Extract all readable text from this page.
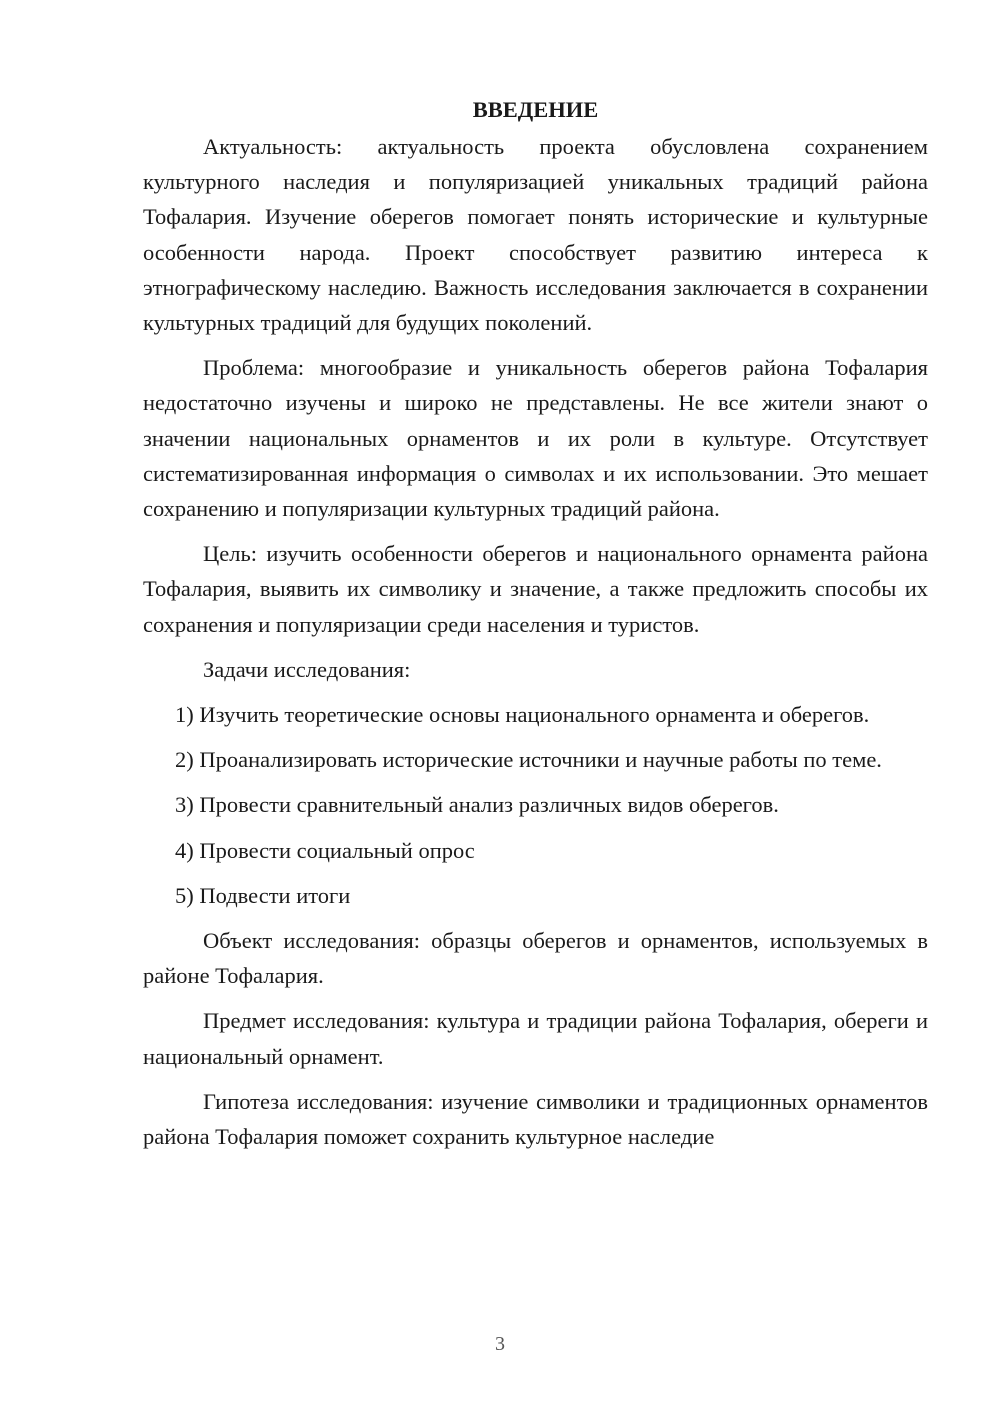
ВВЕДЕНИЕ

Актуальность: актуальность проекта обусловлена сохранением культурного наследия и популяризацией уникальных традиций района Тофалария. Изучение оберегов помогает понять исторические и культурные особенности народа. Проект способствует развитию интереса к этнографическому наследию. Важность исследования заключается в сохранении культурных традиций для будущих поколений.

Проблема: многообразие и уникальность оберегов района Тофалария недостаточно изучены и широко не представлены. Не все жители знают о значении национальных орнаментов и их роли в культуре. Отсутствует систематизированная информация о символах и их использовании. Это мешает сохранению и популяризации культурных традиций района.

Цель: изучить особенности оберегов и национального орнамента района Тофалария, выявить их символику и значение, а также предложить способы их сохранения и популяризации среди населения и туристов.

Задачи исследования:

1) Изучить теоретические основы национального орнамента и оберегов.

2) Проанализировать исторические источники и научные работы по теме.

3) Провести сравнительный анализ различных видов оберегов.

4) Провести социальный опрос

5) Подвести итоги

Объект исследования: образцы оберегов и орнаментов, используемых в районе Тофалария.

Предмет исследования: культура и традиции района Тофалария, обереги и национальный орнамент.

Гипотеза исследования: изучение символики и традиционных орнаментов района Тофалария поможет сохранить культурное наследие

3
